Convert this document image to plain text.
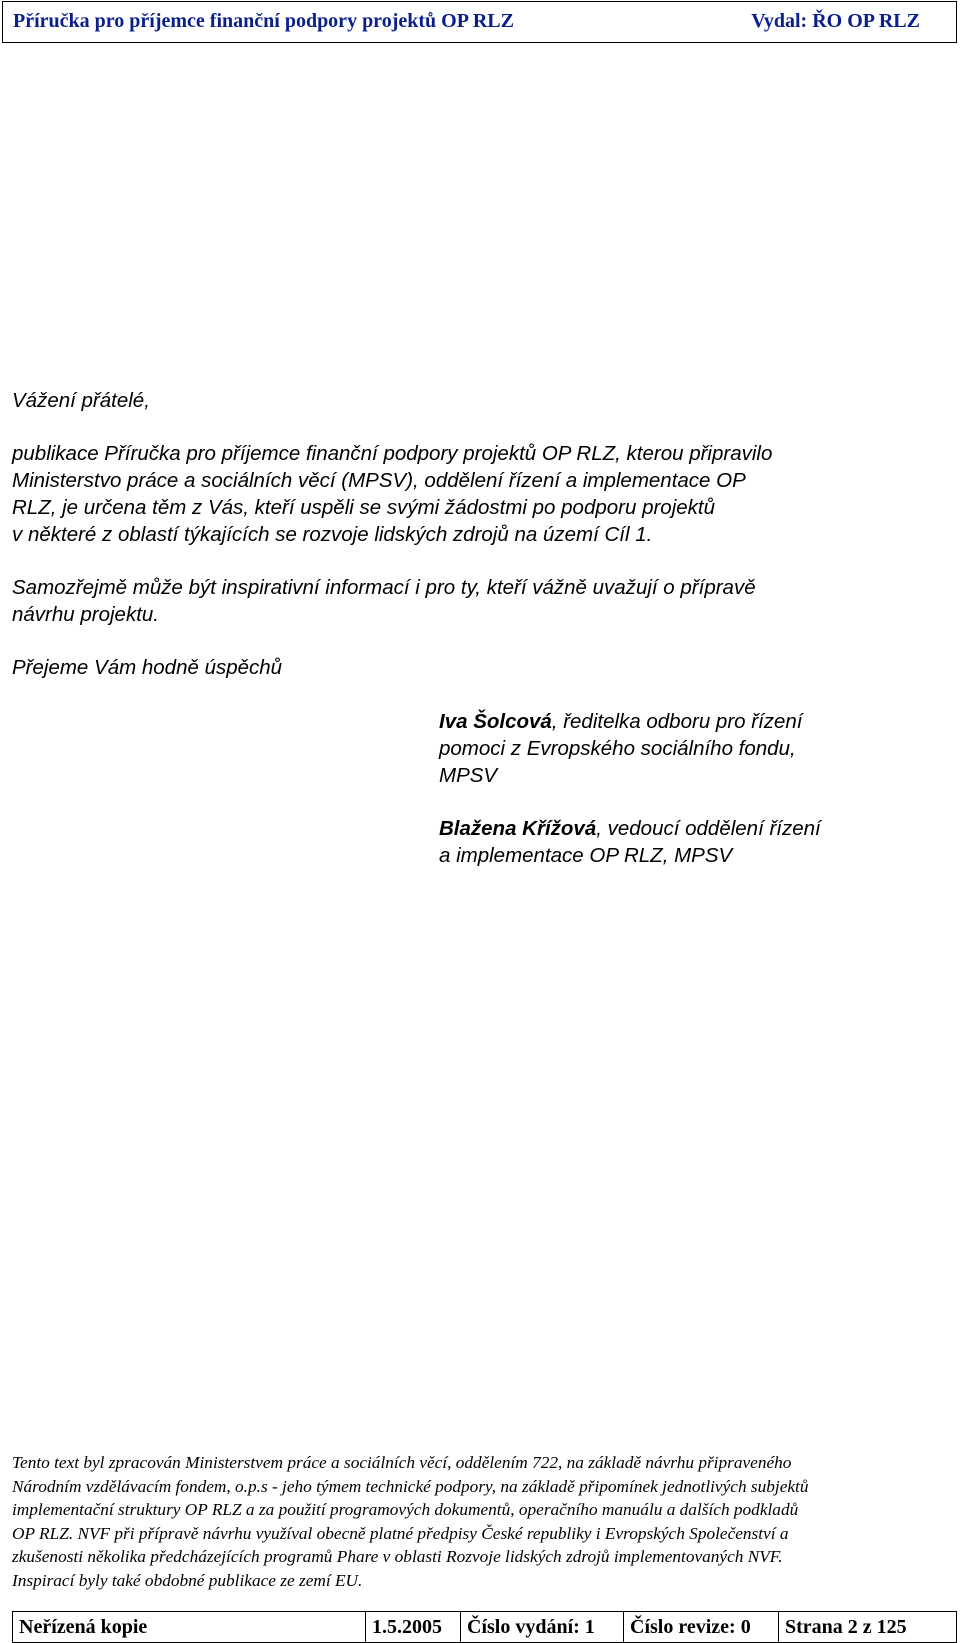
Příručka pro příjemce finanční podpory projektů OP RLZ	Vydal: ŘO OP RLZ
Vážení přátelé,
publikace Příručka pro příjemce finanční podpory projektů OP RLZ, kterou připravilo
Ministerstvo práce a sociálních věcí (MPSV), oddělení řízení a implementace OP
RLZ, je určena těm z Vás, kteří uspěli se svými žádostmi po podporu projektů
v některé z oblastí týkajících se rozvoje lidských zdrojů na území Cíl 1.
Samozřejmě může být inspirativní informací i pro ty, kteří vážně uvažují o přípravě
návrhu projektu.
Přejeme Vám hodně úspěchů
Iva Šolcová, ředitelka odboru pro řízení
pomoci z Evropského sociálního fondu,
MPSV
Blažena Křížová, vedoucí oddělení řízení
a implementace OP RLZ, MPSV
Tento text byl zpracován Ministerstvem práce a sociálních věcí, oddělením 722, na základě návrhu připraveného
Národním vzdělávacím fondem, o.p.s - jeho týmem technické podpory, na základě připomínek jednotlivých subjektů
implementační struktury OP RLZ a za použití programových dokumentů, operačního manuálu a dalších podkladů
OP RLZ. NVF při přípravě návrhu využíval obecně platné předpisy České republiky i Evropských Společenství a
zkušenosti několika předcházejících programů Phare v oblasti Rozvoje lidských zdrojů implementovaných NVF.
Inspirací byly také obdobné publikace ze zemí EU.
Neřízená kopie	1.5.2005	Číslo vydání: 1	Číslo revize: 0	Strana 2 z 125
